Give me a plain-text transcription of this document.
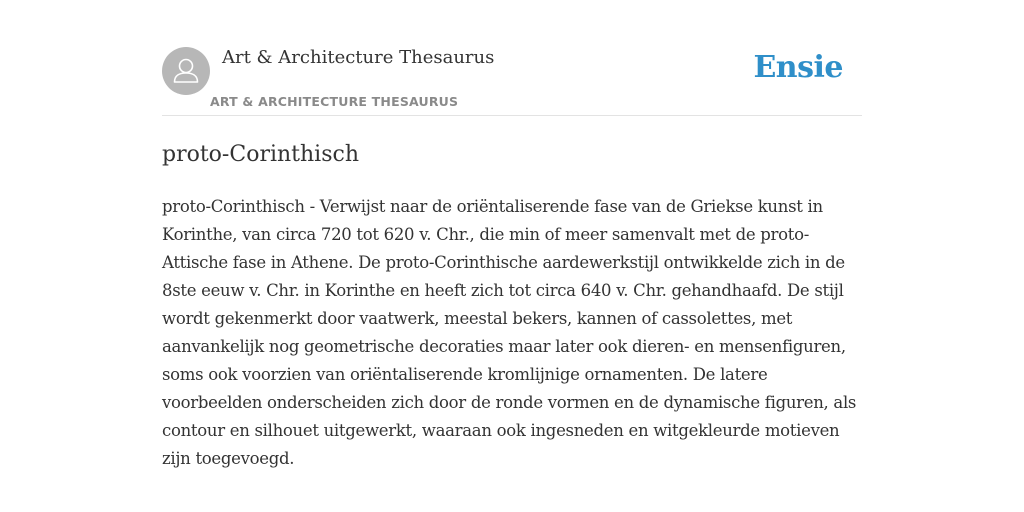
Art & Architecture Thesaurus
ART & ARCHITECTURE THESAURUS
Ensie
proto-Corinthisch

proto-Corinthisch - Verwijst naar de oriëntaliserende fase van de Griekse kunst in Korinthe, van circa 720 tot 620 v. Chr., die min of meer samenvalt met de proto-Attische fase in Athene. De proto-Corinthische aardewerkstijl ontwikkelde zich in de 8ste eeuw v. Chr. in Korinthe en heeft zich tot circa 640 v. Chr. gehandhaafd. De stijl wordt gekenmerkt door vaatwerk, meestal bekers, kannen of cassolettes, met aanvankelijk nog geometrische decoraties maar later ook dieren- en mensenfiguren, soms ook voorzien van oriëntaliserende kromlijnige ornamenten. De latere voorbeelden onderscheiden zich door de ronde vormen en de dynamische figuren, als contour en silhouet uitgewerkt, waaraan ook ingesneden en witgekleurde motieven zijn toegevoegd.
